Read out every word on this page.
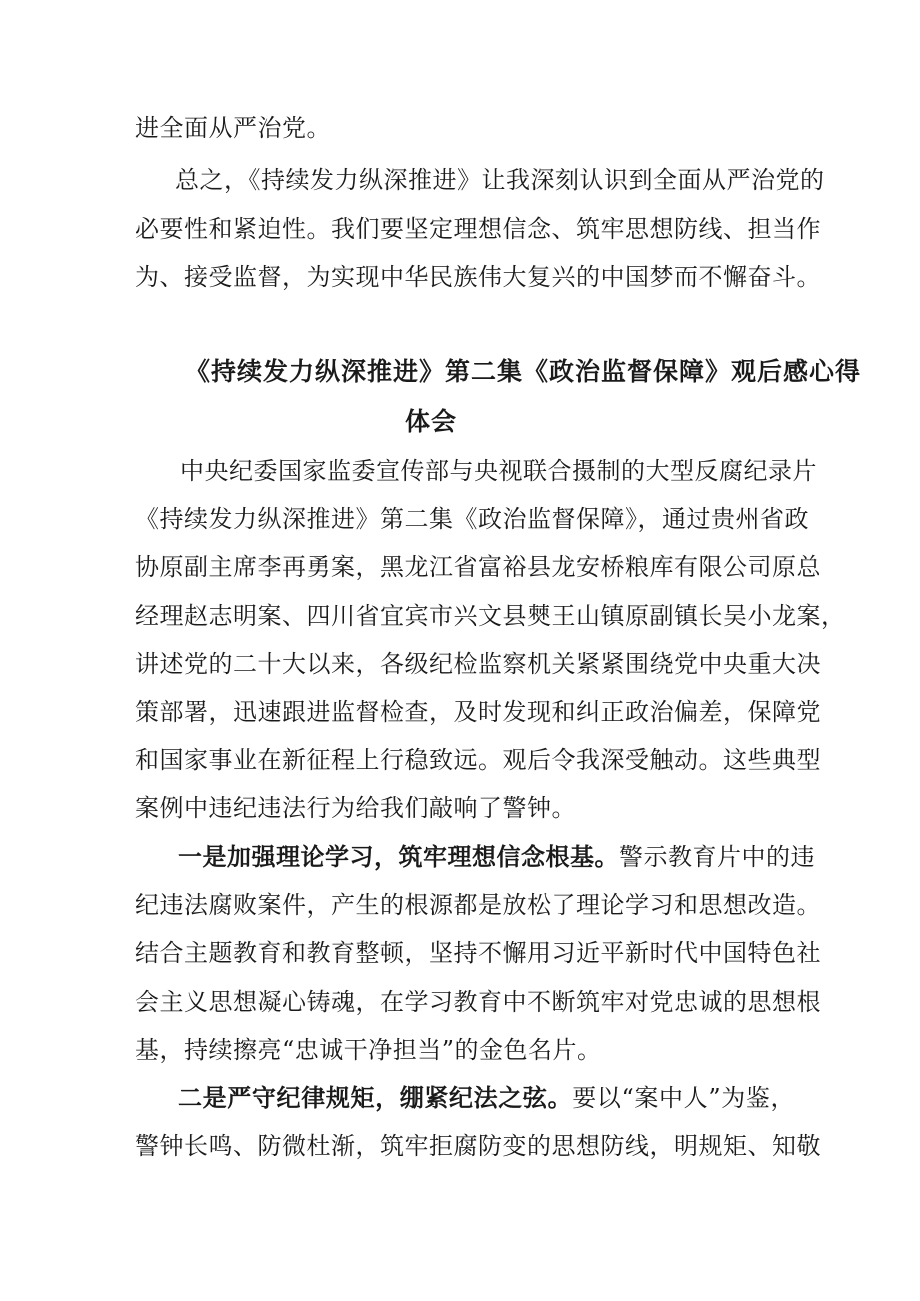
进全面从严治党。
总之，《持续发力纵深推进》让我深刻认识到全面从严治党的
必要性和紧迫性。我们要坚定理想信念、筑牢思想防线、担当作
为、接受监督，为实现中华民族伟大复兴的中国梦而不懈奋斗。
《持续发力纵深推进》第二集《政治监督保障》观后感心得
体会
中央纪委国家监委宣传部与央视联合摄制的大型反腐纪录片
《持续发力纵深推进》第二集《政治监督保障》，通过贵州省政
协原副主席李再勇案，黑龙江省富裕县龙安桥粮库有限公司原总
经理赵志明案、四川省宜宾市兴文县僰王山镇原副镇长吴小龙案，
讲述党的二十大以来，各级纪检监察机关紧紧围绕党中央重大决
策部署，迅速跟进监督检查，及时发现和纠正政治偏差，保障党
和国家事业在新征程上行稳致远。观后令我深受触动。这些典型
案例中违纪违法行为给我们敲响了警钟。
一是加强理论学习，筑牢理想信念根基。警示教育片中的违
纪违法腐败案件，产生的根源都是放松了理论学习和思想改造。
结合主题教育和教育整顿，坚持不懈用习近平新时代中国特色社
会主义思想凝心铸魂，在学习教育中不断筑牢对党忠诚的思想根
基，持续擦亮“忠诚干净担当”的金色名片。
二是严守纪律规矩，绷紧纪法之弦。要以“案中人”为鉴，
警钟长鸣、防微杜渐，筑牢拒腐防变的思想防线，明规矩、知敬
